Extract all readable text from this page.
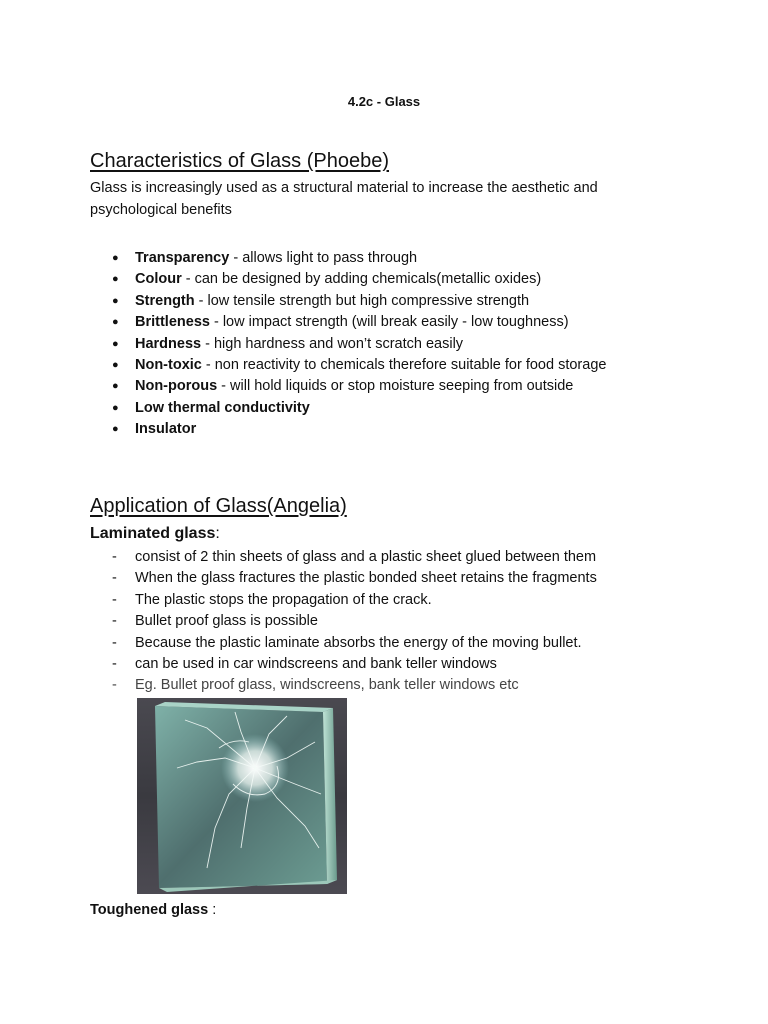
4.2c - Glass
Characteristics of Glass (Phoebe)

Glass is increasingly used as a structural material to increase the aesthetic and psychological benefits

● Transparency - allows light to pass through
● Colour - can be designed by adding chemicals(metallic oxides)
● Strength - low tensile strength but high compressive strength
● Brittleness - low impact strength (will break easily - low toughness)
● Hardness - high hardness and won’t scratch easily
● Non-toxic - non reactivity to chemicals therefore suitable for food storage
● Non-porous - will hold liquids or stop moisture seeping from outside
● Low thermal conductivity
● Insulator
Application of Glass(Angelia)
Laminated glass:
- consist of 2 thin sheets of glass and a plastic sheet glued between them
- When the glass fractures the plastic bonded sheet retains the fragments
- The plastic stops the propagation of the crack.
- Bullet proof glass is possible
- Because the plastic laminate absorbs the energy of the moving bullet.
- can be used in car windscreens and bank teller windows
- Eg. Bullet proof glass, windscreens, bank teller windows etc
Toughened glass :
